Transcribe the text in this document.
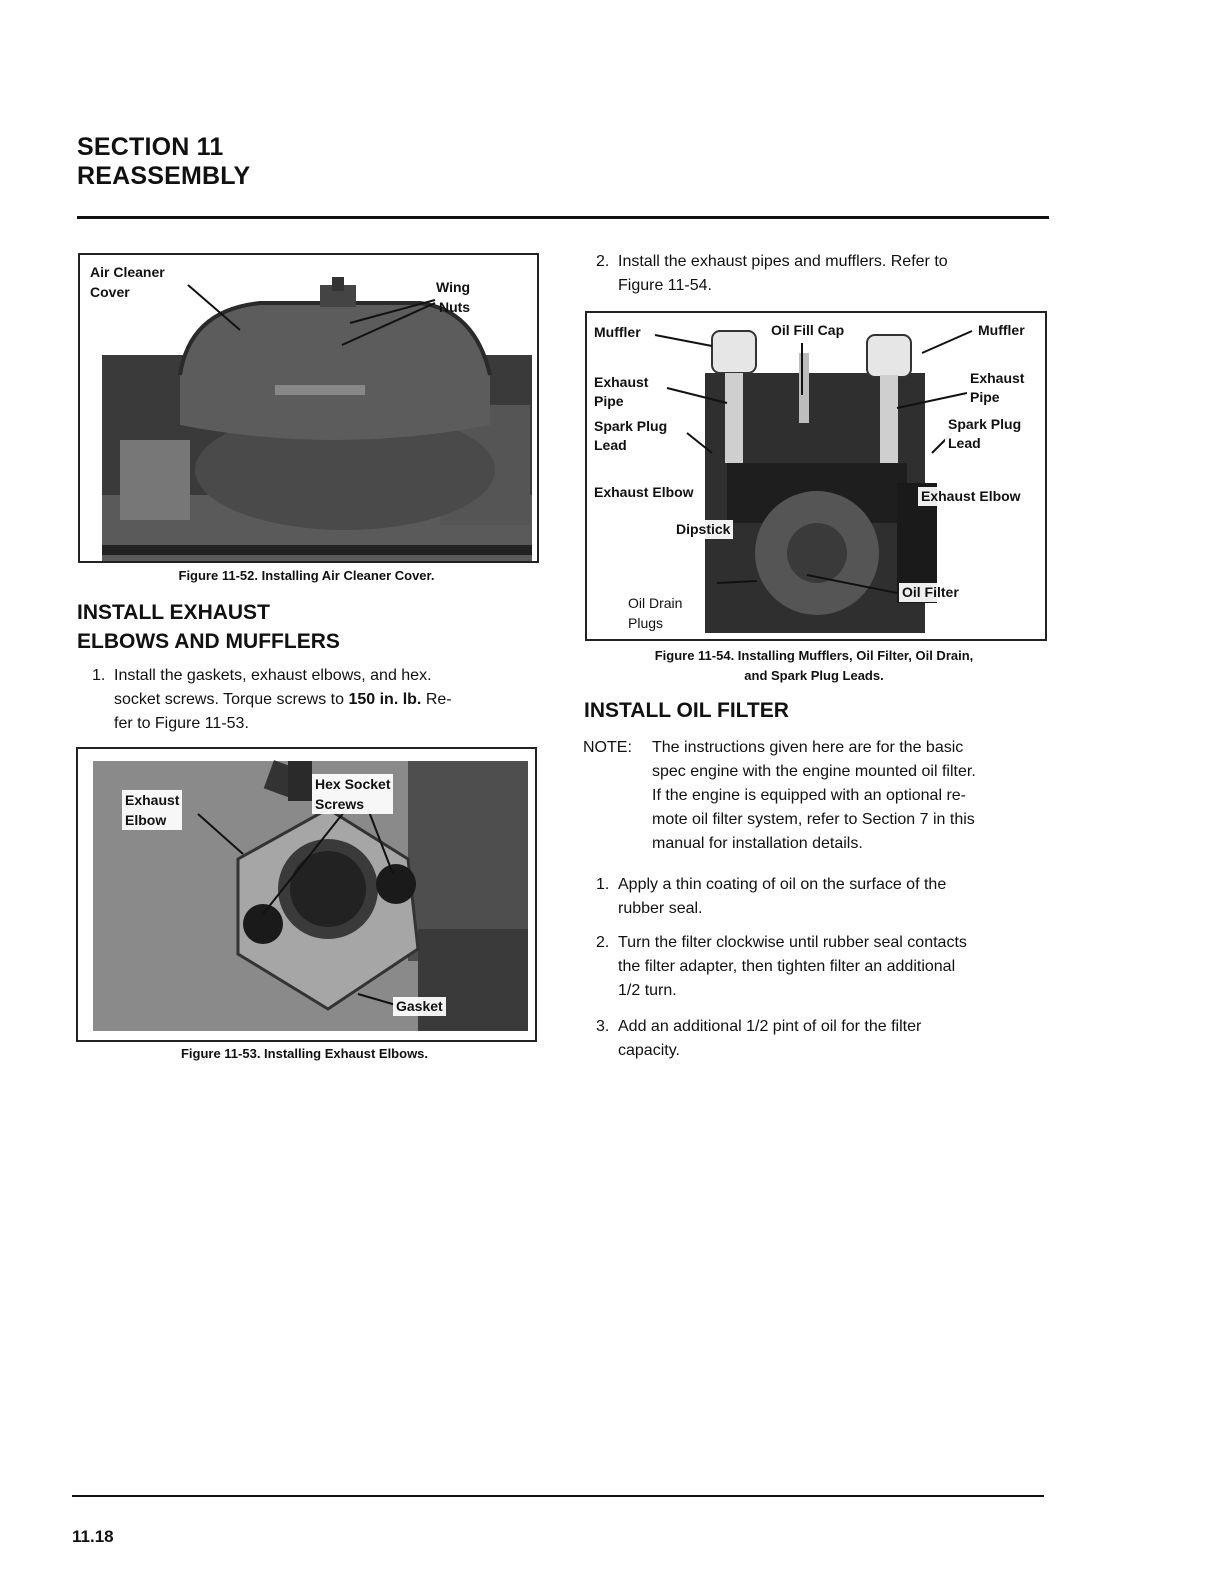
SECTION 11
REASSEMBLY
Air Cleaner
Cover	Wing
Nuts
Figure 11-52. Installing Air Cleaner Cover.
INSTALL EXHAUST
ELBOWS AND MUFFLERS
1. Install the gaskets, exhaust elbows, and hex.
socket screws. Torque screws to 150 in. lb. Re-
fer to Figure 11-53.
Exhaust
Elbow
Hex Socket
Screws
Gasket
Figure 11-53. Installing Exhaust Elbows.
2. Install the exhaust pipes and mufflers. Refer to
Figure 11-54.
Muffler	Oil Fill Cap	Muffler
Exhaust
Pipe
Exhaust
Pipe
Spark Plug
Lead
Spark Plug
Lead
Exhaust Elbow	Exhaust Elbow
Dipstick
Oil Filter
Oil Drain
Plugs
Figure 11-54. Installing Mufflers, Oil Filter, Oil Drain,
and Spark Plug Leads.
INSTALL OIL FILTER
NOTE: The instructions given here are for the basic
spec engine with the engine mounted oil filter.
If the engine is equipped with an optional re-
mote oil filter system, refer to Section 7 in this
manual for installation details.
1. Apply a thin coating of oil on the surface of the
rubber seal.
2. Turn the filter clockwise until rubber seal contacts
the filter adapter, then tighten filter an additional
1/2 turn.
3. Add an additional 1/2 pint of oil for the filter
capacity.
11.18
